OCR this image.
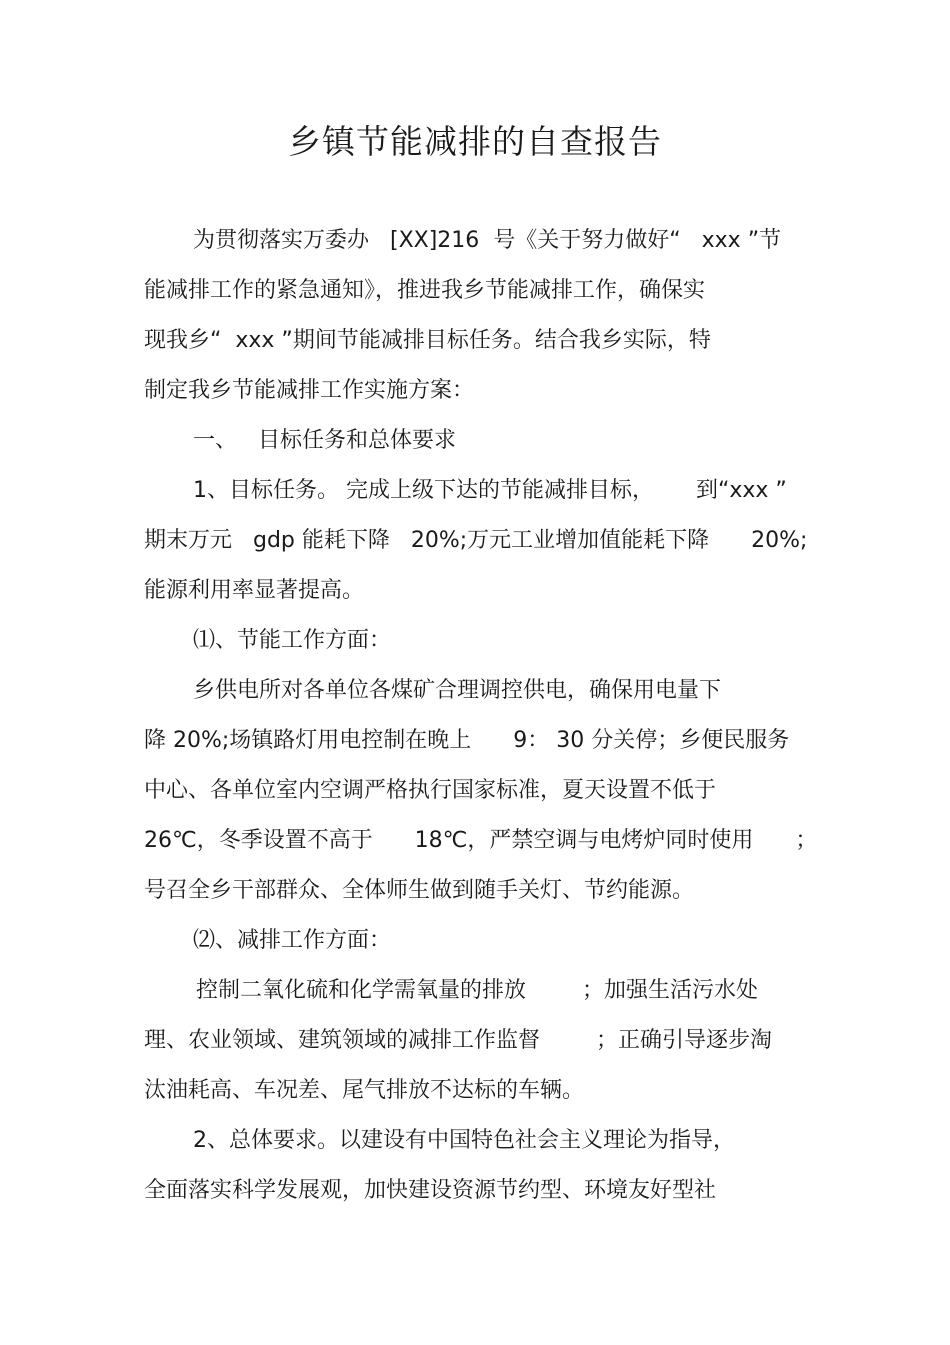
乡镇节能减排的自查报告
为贯彻落实万委办   [XX]216  号《关于努力做好“   xxx ”节
能减排工作的紧急通知》，推进我乡节能减排工作，确保实
现我乡“  xxx ”期间节能减排目标任务。结合我乡实际，特
制定我乡节能减排工作实施方案：
一、   目标任务和总体要求
1、目标任务。 完成上级下达的节能减排目标，      到“xxx ”
期末万元   gdp 能耗下降   20%;万元工业增加值能耗下降      20%;
能源利用率显著提高。
⑴、节能工作方面：
乡供电所对各单位各煤矿合理调控供电，确保用电量下
降 20%;场镇路灯用电控制在晚上      9： 30 分关停；乡便民服务
中心、各单位室内空调严格执行国家标准，夏天设置不低于
26℃，冬季设置不高于      18℃，严禁空调与电烤炉同时使用      ；
号召全乡干部群众、全体师生做到随手关灯、节约能源。
⑵、减排工作方面：
控制二氧化硫和化学需氧量的排放        ；加强生活污水处
理、农业领域、建筑领域的减排工作监督        ；正确引导逐步淘
汰油耗高、车况差、尾气排放不达标的车辆。
2、总体要求。以建设有中国特色社会主义理论为指导，
全面落实科学发展观，加快建设资源节约型、环境友好型社
